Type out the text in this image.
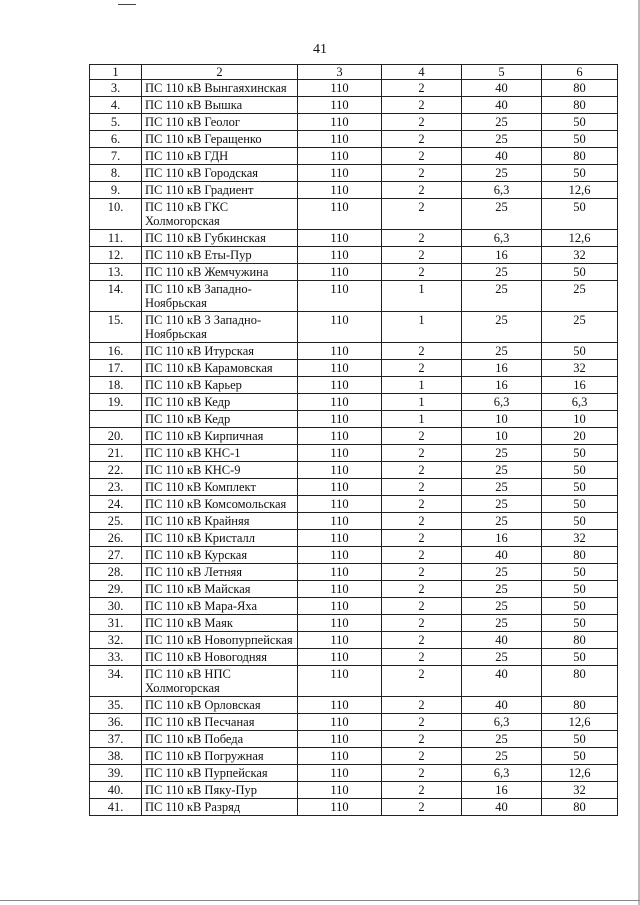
41
1	2	3	4	5	6
3.	ПС 110 кВ Вынгаяхинская	110	2	40	80
4.	ПС 110 кВ Вышка	110	2	40	80
5.	ПС 110 кВ Геолог	110	2	25	50
6.	ПС 110 кВ Геращенко	110	2	25	50
7.	ПС 110 кВ ГДН	110	2	40	80
8.	ПС 110 кВ Городская	110	2	25	50
9.	ПС 110 кВ Градиент	110	2	6,3	12,6
10.	ПС 110 кВ ГКС Холмогорская	110	2	25	50
11.	ПС 110 кВ Губкинская	110	2	6,3	12,6
12.	ПС 110 кВ Еты-Пур	110	2	16	32
13.	ПС 110 кВ Жемчужина	110	2	25	50
14.	ПС 110 кВ Западно-Ноябрьская	110	1	25	25
15.	ПС 110 кВ 3 Западно-Ноябрьская	110	1	25	25
16.	ПС 110 кВ Итурская	110	2	25	50
17.	ПС 110 кВ Карамовская	110	2	16	32
18.	ПС 110 кВ Карьер	110	1	16	16
19.	ПС 110 кВ Кедр	110	1	6,3	6,3
	ПС 110 кВ Кедр	110	1	10	10
20.	ПС 110 кВ Кирпичная	110	2	10	20
21.	ПС 110 кВ КНС-1	110	2	25	50
22.	ПС 110 кВ КНС-9	110	2	25	50
23.	ПС 110 кВ Комплект	110	2	25	50
24.	ПС 110 кВ Комсомольская	110	2	25	50
25.	ПС 110 кВ Крайняя	110	2	25	50
26.	ПС 110 кВ Кристалл	110	2	16	32
27.	ПС 110 кВ Курская	110	2	40	80
28.	ПС 110 кВ Летняя	110	2	25	50
29.	ПС 110 кВ Майская	110	2	25	50
30.	ПС 110 кВ Мара-Яха	110	2	25	50
31.	ПС 110 кВ Маяк	110	2	25	50
32.	ПС 110 кВ Новопурпейская	110	2	40	80
33.	ПС 110 кВ Новогодняя	110	2	25	50
34.	ПС 110 кВ НПС Холмогорская	110	2	40	80
35.	ПС 110 кВ Орловская	110	2	40	80
36.	ПС 110 кВ Песчаная	110	2	6,3	12,6
37.	ПС 110 кВ Победа	110	2	25	50
38.	ПС 110 кВ Погружная	110	2	25	50
39.	ПС 110 кВ Пурпейская	110	2	6,3	12,6
40.	ПС 110 кВ Пяку-Пур	110	2	16	32
41.	ПС 110 кВ Разряд	110	2	40	80
